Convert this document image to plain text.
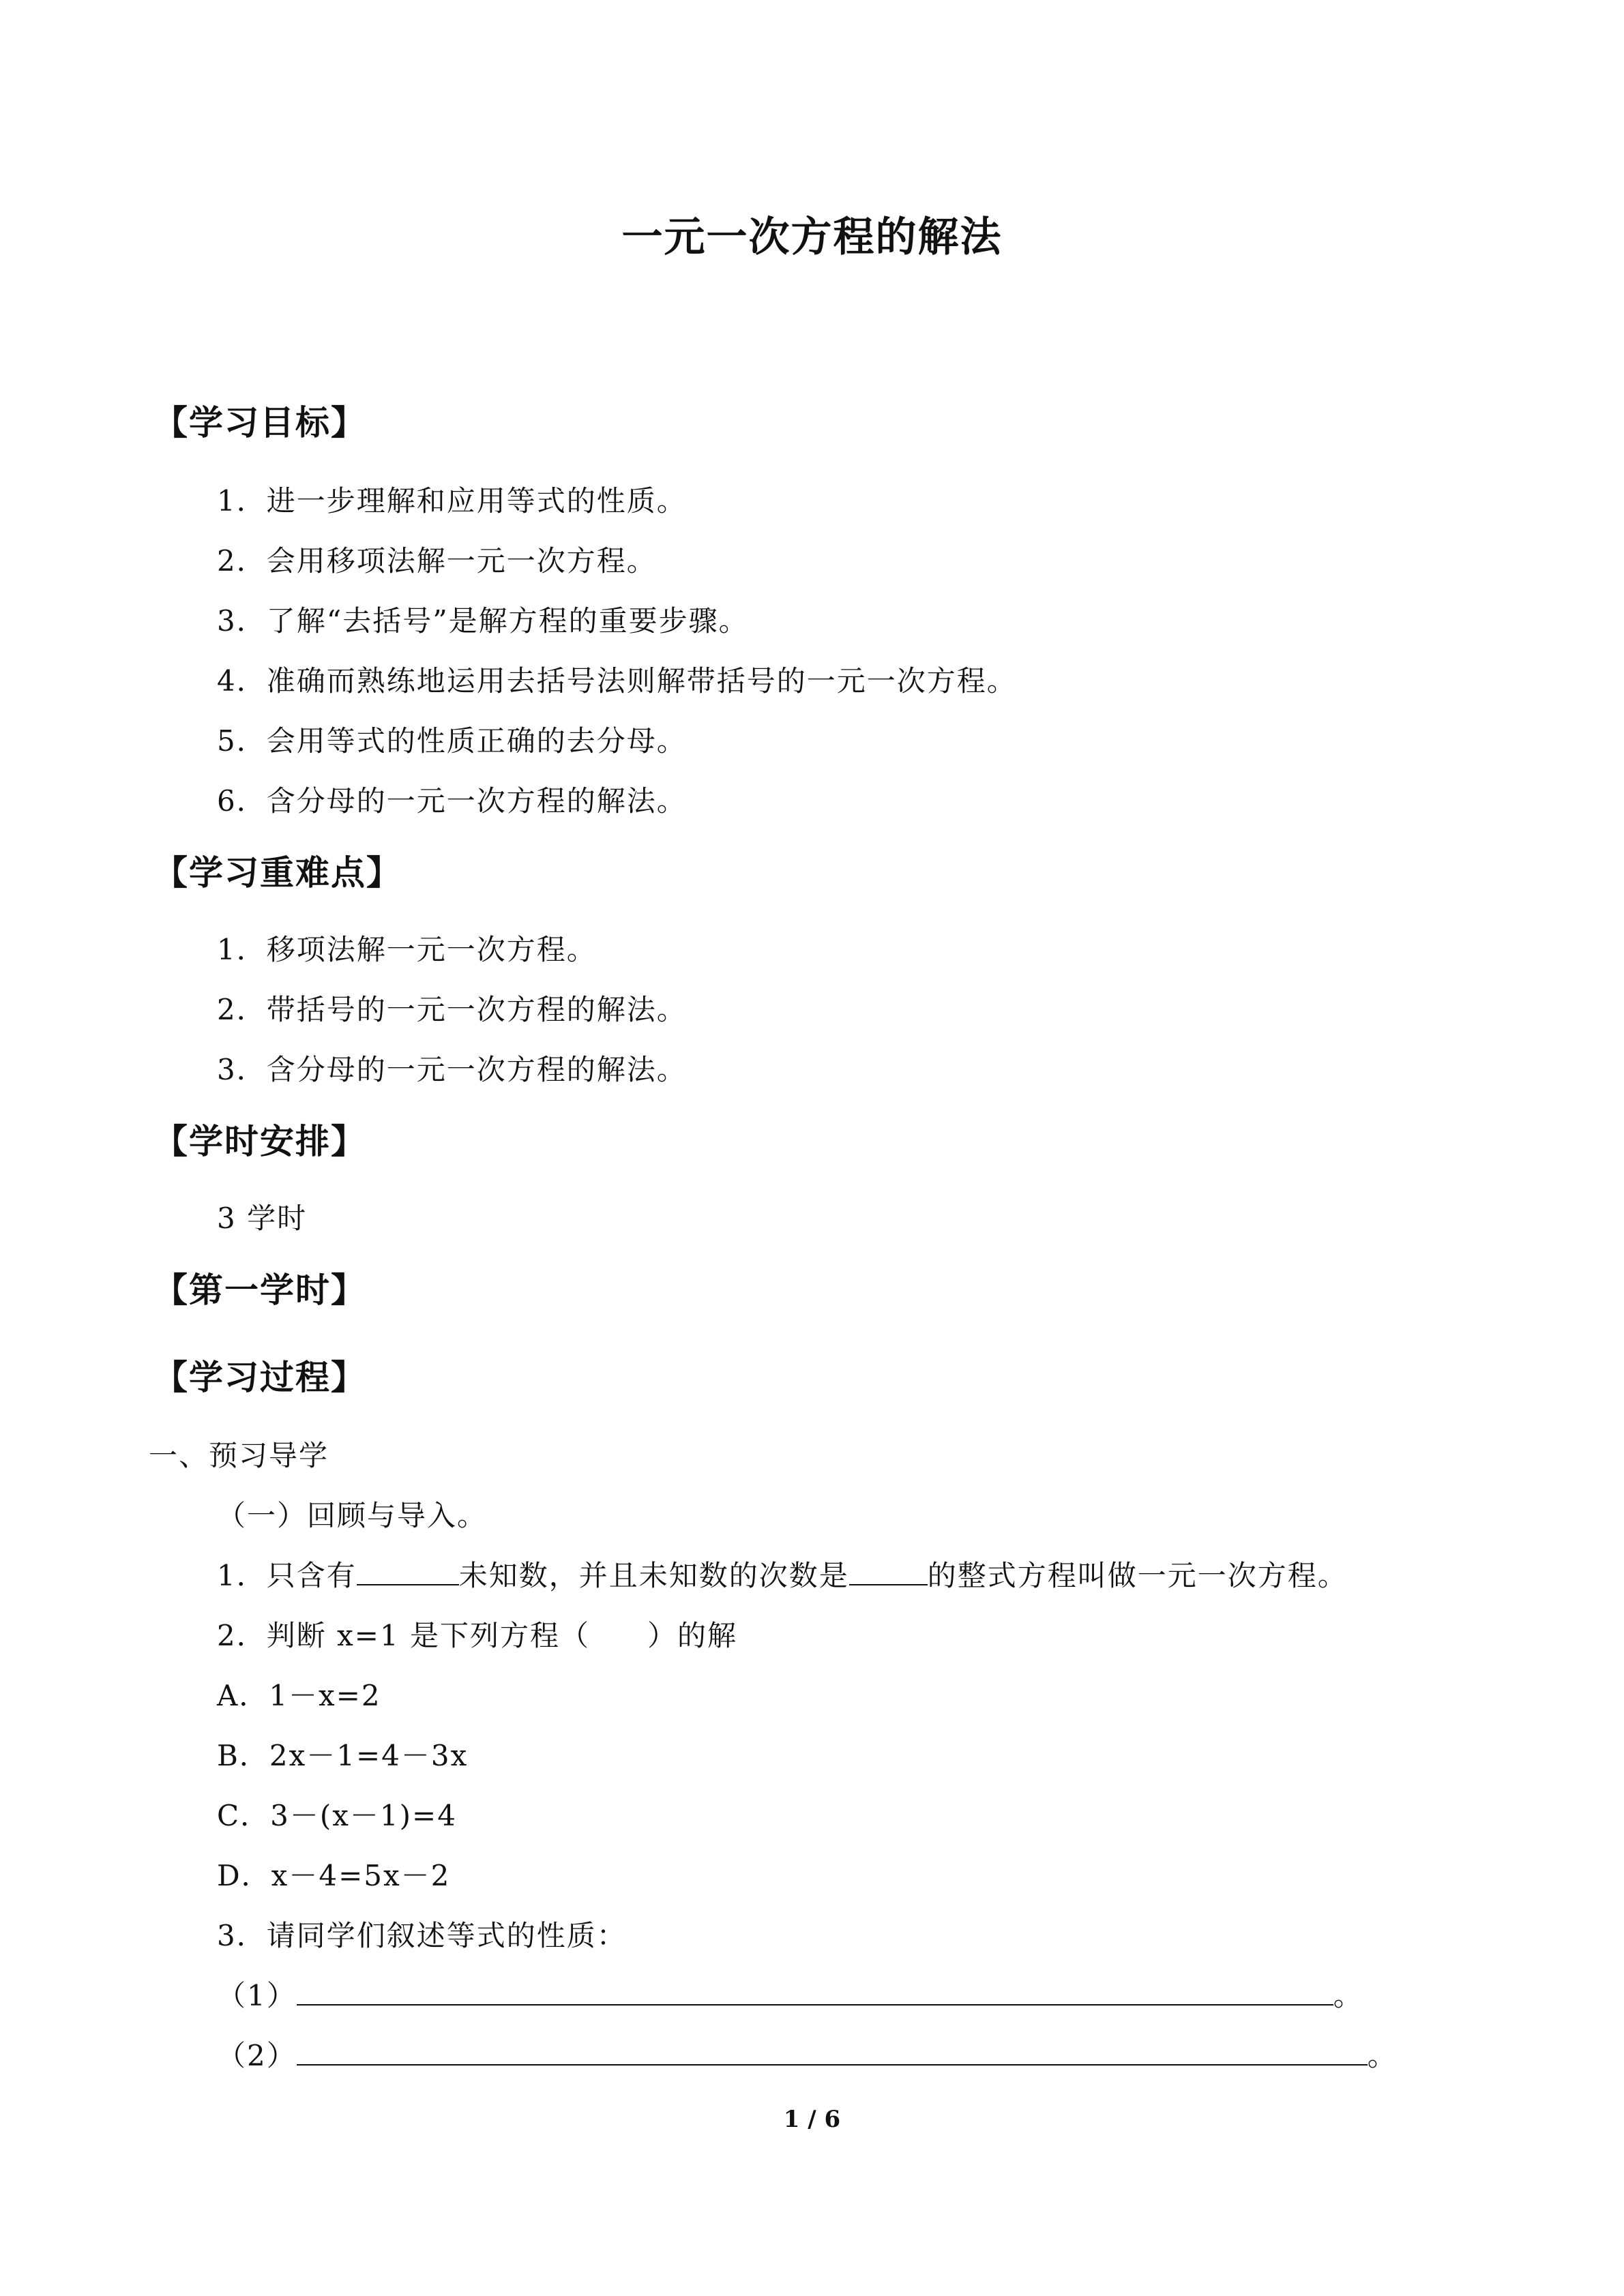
一元一次方程的解法
【学习目标】
1．进一步理解和应用等式的性质。
2．会用移项法解一元一次方程。
3．了解“去括号”是解方程的重要步骤。
4．准确而熟练地运用去括号法则解带括号的一元一次方程。
5．会用等式的性质正确的去分母。
6．含分母的一元一次方程的解法。
【学习重难点】
1．移项法解一元一次方程。
2．带括号的一元一次方程的解法。
3．含分母的一元一次方程的解法。
【学时安排】
3 学时
【第一学时】
【学习过程】
一、预习导学
（一）回顾与导入。
1．只含有	未知数，并且未知数的次数是	的整式方程叫做一元一次方程。
2．判断 x=1 是下列方程（ ）的解
A．1－x=2
B．2x－1=4－3x
C．3－(x－1)=4
D．x－4=5x－2
3．请同学们叙述等式的性质：
（1）	。
（2）	。
1 / 6
